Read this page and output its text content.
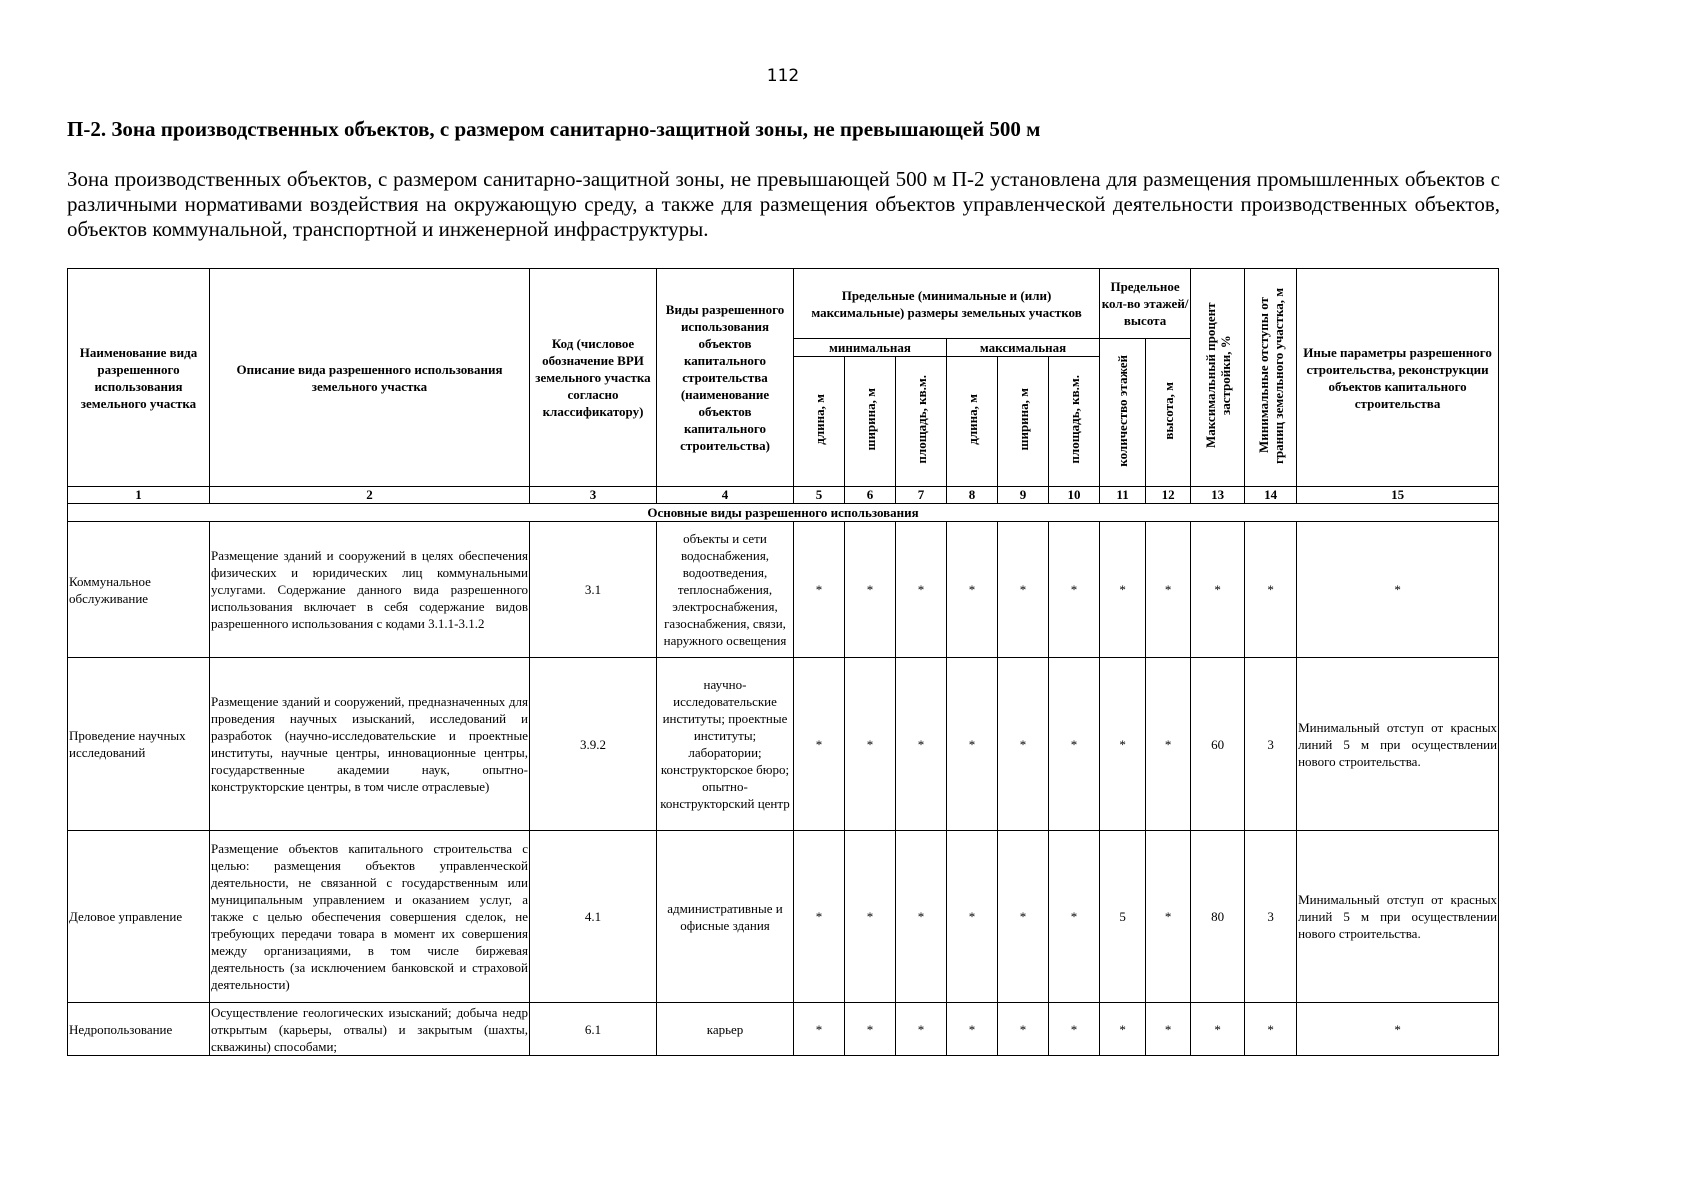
112
П-2. Зона производственных объектов, с размером санитарно-защитной зоны, не превышающей 500 м
Зона производственных объектов, с размером санитарно-защитной зоны, не превышающей 500 м П-2 установлена для размещения промышленных объектов с различными нормативами воздействия на окружающую среду, а также для размещения объектов управленческой деятельности производственных объектов, объектов коммунальной, транспортной и инженерной инфраструктуры.
Наименование вида разрешенного использования земельного участка	Описание вида разрешенного использования земельного участка	Код (числовое обозначение ВРИ земельного участка согласно классификатору)	Виды разрешенного использования объектов капитального строительства (наименование объектов капитального строительства)	Предельные (минимальные и (или) максимальные) размеры земельных участков						Предельное кол-во этажей/ высота		Максимальный процент застройки, %	Минимальные отступы от границ земельного участка, м	Иные параметры разрешенного строительства, реконструкции объектов капитального строительства
				минимальная			максимальная			количество этажей	высота, м			
				длина, м	ширина, м	площадь, кв.м.	длина, м	ширина, м	площадь, кв.м.					
1	2	3	4	5	6	7	8	9	10	11	12	13	14	15
Основные виды разрешенного использования														
Коммунальное обслуживание	Размещение зданий и сооружений в целях обеспечения физических и юридических лиц коммунальными услугами. Содержание данного вида разрешенного использования включает в себя содержание видов разрешенного использования с кодами 3.1.1-3.1.2	3.1	объекты и сети водоснабжения, водоотведения, теплоснабжения, электроснабжения, газоснабжения, связи, наружного освещения	*	*	*	*	*	*	*	*	*	*	*
Проведение научных исследований	Размещение зданий и сооружений, предназначенных для проведения научных изысканий, исследований и разработок (научно-исследовательские и проектные институты, научные центры, инновационные центры, государственные академии наук, опытно-конструкторские центры, в том числе отраслевые)	3.9.2	научно-исследовательские институты; проектные институты; лаборатории; конструкторское бюро; опытно-конструкторский центр	*	*	*	*	*	*	*	*	60	3	Минимальный отступ от красных линий 5 м при осуществлении нового строительства.
Деловое управление	Размещение объектов капитального строительства с целью: размещения объектов управленческой деятельности, не связанной с государственным или муниципальным управлением и оказанием услуг, а также с целью обеспечения совершения сделок, не требующих передачи товара в момент их совершения между организациями, в том числе биржевая деятельность (за исключением банковской и страховой деятельности)	4.1	административные и офисные здания	*	*	*	*	*	*	5	*	80	3	Минимальный отступ от красных линий 5 м при осуществлении нового строительства.
Недропользование	Осуществление геологических изысканий; добыча недр открытым (карьеры, отвалы) и закрытым (шахты, скважины) способами;	6.1	карьер	*	*	*	*	*	*	*	*	*	*	*
